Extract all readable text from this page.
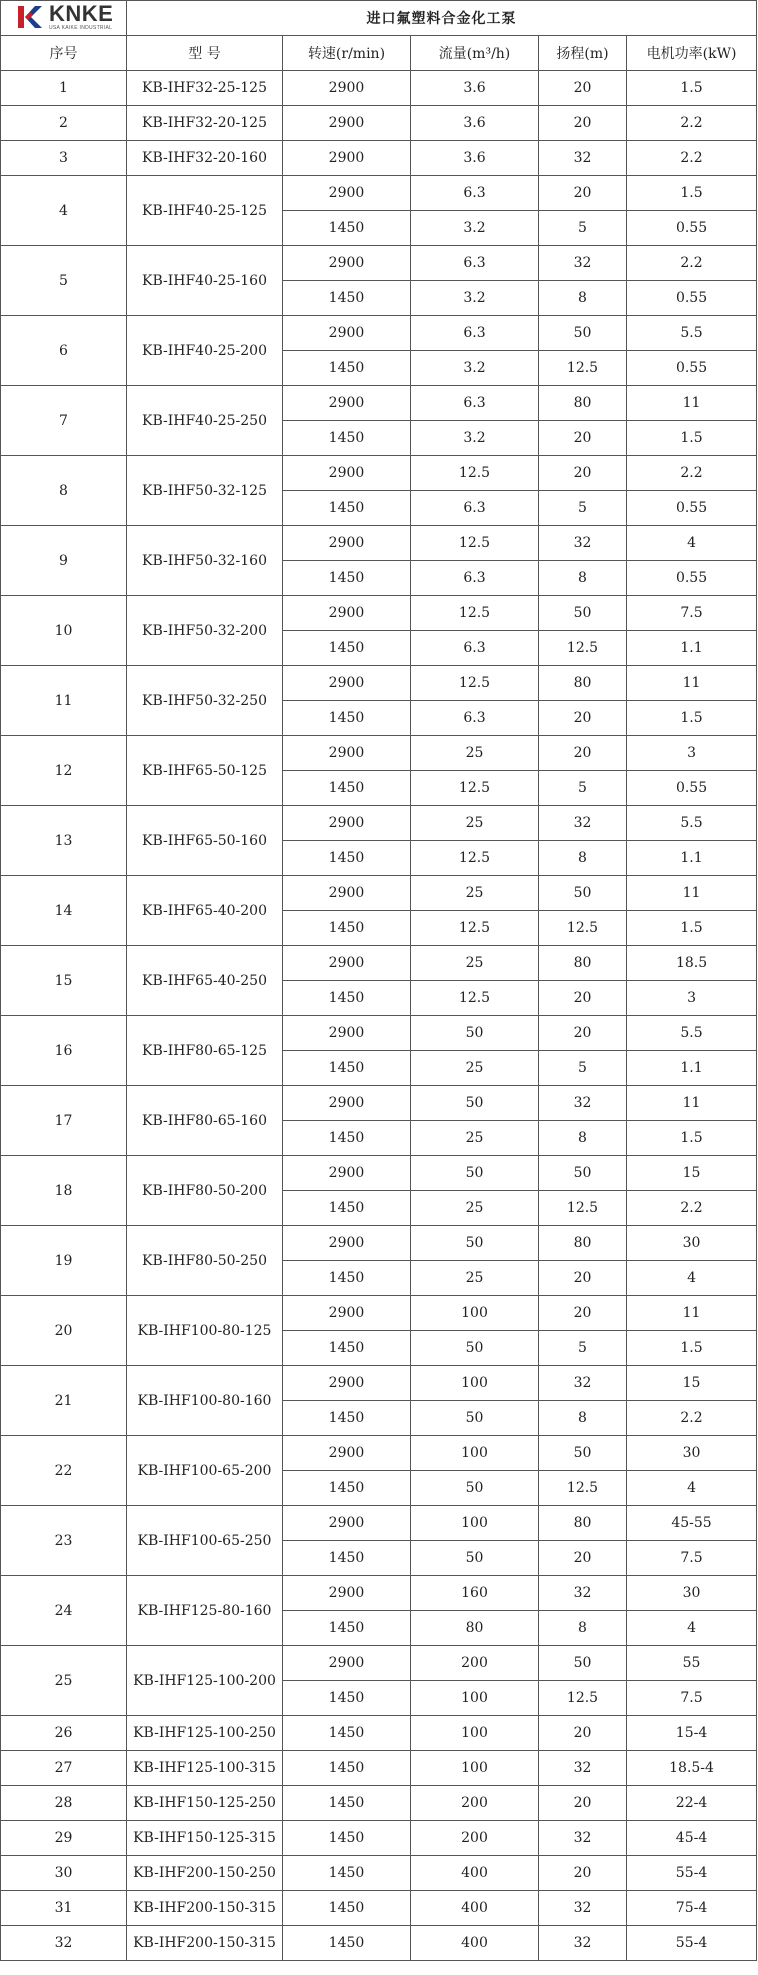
KNKE
USA KAIKE INDUSTRIAL	进口氟塑料合金化工泵				
序号	型 号	转速(r/min)	流量(m³/h)	扬程(m)	电机功率(kW)
1	KB-IHF32-25-125	2900	3.6	20	1.5
2	KB-IHF32-20-125	2900	3.6	20	2.2
3	KB-IHF32-20-160	2900	3.6	32	2.2
4	KB-IHF40-25-125	2900	6.3	20	1.5
		1450	3.2	5	0.55
5	KB-IHF40-25-160	2900	6.3	32	2.2
		1450	3.2	8	0.55
6	KB-IHF40-25-200	2900	6.3	50	5.5
		1450	3.2	12.5	0.55
7	KB-IHF40-25-250	2900	6.3	80	11
		1450	3.2	20	1.5
8	KB-IHF50-32-125	2900	12.5	20	2.2
		1450	6.3	5	0.55
9	KB-IHF50-32-160	2900	12.5	32	4
		1450	6.3	8	0.55
10	KB-IHF50-32-200	2900	12.5	50	7.5
		1450	6.3	12.5	1.1
11	KB-IHF50-32-250	2900	12.5	80	11
		1450	6.3	20	1.5
12	KB-IHF65-50-125	2900	25	20	3
		1450	12.5	5	0.55
13	KB-IHF65-50-160	2900	25	32	5.5
		1450	12.5	8	1.1
14	KB-IHF65-40-200	2900	25	50	11
		1450	12.5	12.5	1.5
15	KB-IHF65-40-250	2900	25	80	18.5
		1450	12.5	20	3
16	KB-IHF80-65-125	2900	50	20	5.5
		1450	25	5	1.1
17	KB-IHF80-65-160	2900	50	32	11
		1450	25	8	1.5
18	KB-IHF80-50-200	2900	50	50	15
		1450	25	12.5	2.2
19	KB-IHF80-50-250	2900	50	80	30
		1450	25	20	4
20	KB-IHF100-80-125	2900	100	20	11
		1450	50	5	1.5
21	KB-IHF100-80-160	2900	100	32	15
		1450	50	8	2.2
22	KB-IHF100-65-200	2900	100	50	30
		1450	50	12.5	4
23	KB-IHF100-65-250	2900	100	80	45-55
		1450	50	20	7.5
24	KB-IHF125-80-160	2900	160	32	30
		1450	80	8	4
25	KB-IHF125-100-200	2900	200	50	55
		1450	100	12.5	7.5
26	KB-IHF125-100-250	1450	100	20	15-4
27	KB-IHF125-100-315	1450	100	32	18.5-4
28	KB-IHF150-125-250	1450	200	20	22-4
29	KB-IHF150-125-315	1450	200	32	45-4
30	KB-IHF200-150-250	1450	400	20	55-4
31	KB-IHF200-150-315	1450	400	32	75-4
32	KB-IHF200-150-315	1450	400	32	55-4
